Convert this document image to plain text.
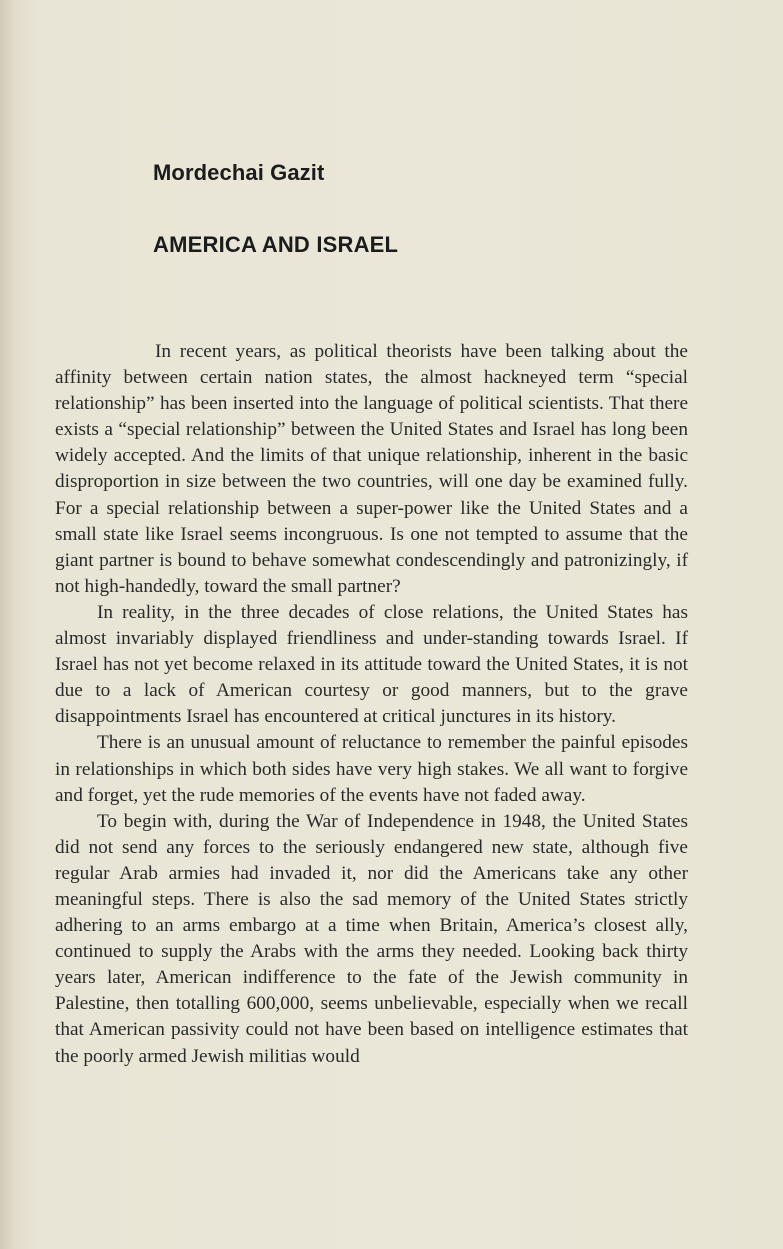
Mordechai Gazit
AMERICA AND ISRAEL

In recent years, as political theorists have been talking about the affinity between certain nation states, the almost hackneyed term “special relationship” has been inserted into the language of political scientists. That there exists a “special relationship” between the United States and Israel has long been widely accepted. And the limits of that unique relationship, inherent in the basic disproportion in size between the two countries, will one day be examined fully. For a special relationship between a super-power like the United States and a small state like Israel seems incongruous. Is one not tempted to assume that the giant partner is bound to behave somewhat condescendingly and patronizingly, if not high-handedly, toward the small partner?

In reality, in the three decades of close relations, the United States has almost invariably displayed friendliness and under-standing towards Israel. If Israel has not yet become relaxed in its attitude toward the United States, it is not due to a lack of American courtesy or good manners, but to the grave disappointments Israel has encountered at critical junctures in its history.

There is an unusual amount of reluctance to remember the painful episodes in relationships in which both sides have very high stakes. We all want to forgive and forget, yet the rude memories of the events have not faded away.

To begin with, during the War of Independence in 1948, the United States did not send any forces to the seriously endangered new state, although five regular Arab armies had invaded it, nor did the Americans take any other meaningful steps. There is also the sad memory of the United States strictly adhering to an arms embargo at a time when Britain, America’s closest ally, continued to supply the Arabs with the arms they needed. Looking back thirty years later, American indifference to the fate of the Jewish community in Palestine, then totalling 600,000, seems unbelievable, especially when we recall that American passivity could not have been based on intelligence estimates that the poorly armed Jewish militias would
